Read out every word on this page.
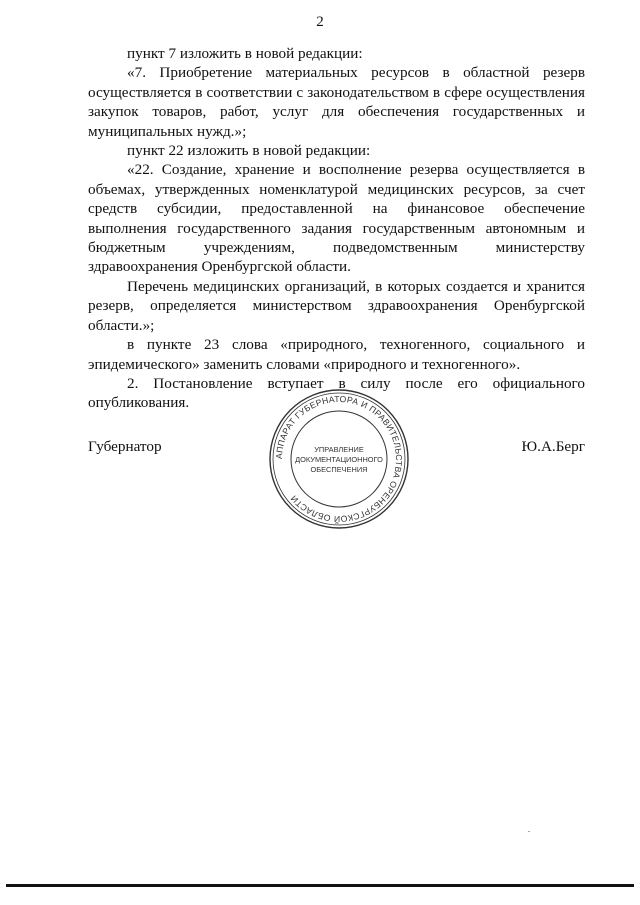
2

пункт 7 изложить в новой редакции:

«7. Приобретение материальных ресурсов в областной резерв осуществляется в соответствии с законодательством в сфере осуществления закупок товаров, работ, услуг для обеспечения государственных и муниципальных нужд.»;

пункт 22 изложить в новой редакции:

«22. Создание, хранение и восполнение резерва осуществляется в объемах, утвержденных номенклатурой медицинских ресурсов, за счет средств субсидии, предоставленной на финансовое обеспечение выполнения государственного задания государственным автономным и бюджетным учреждениям, подведомственным министерству здравоохранения Оренбургской области.

Перечень медицинских организаций, в которых создается и хранится резерв, определяется министерством здравоохранения Оренбургской области.»;

в пункте 23 слова «природного, техногенного, социального и эпидемического» заменить словами «природного и техногенного».

2. Постановление вступает в силу после его официального опубликования.

Губернатор	Ю.А.Берг
АППАРАТ ГУБЕРНАТОРА И ПРАВИТЕЛЬСТВА ОРЕНБУРГСКОЙ ОБЛАСТИ
УПРАВЛЕНИЕ
ДОКУМЕНТАЦИОННОГО
ОБЕСПЕЧЕНИЯ
